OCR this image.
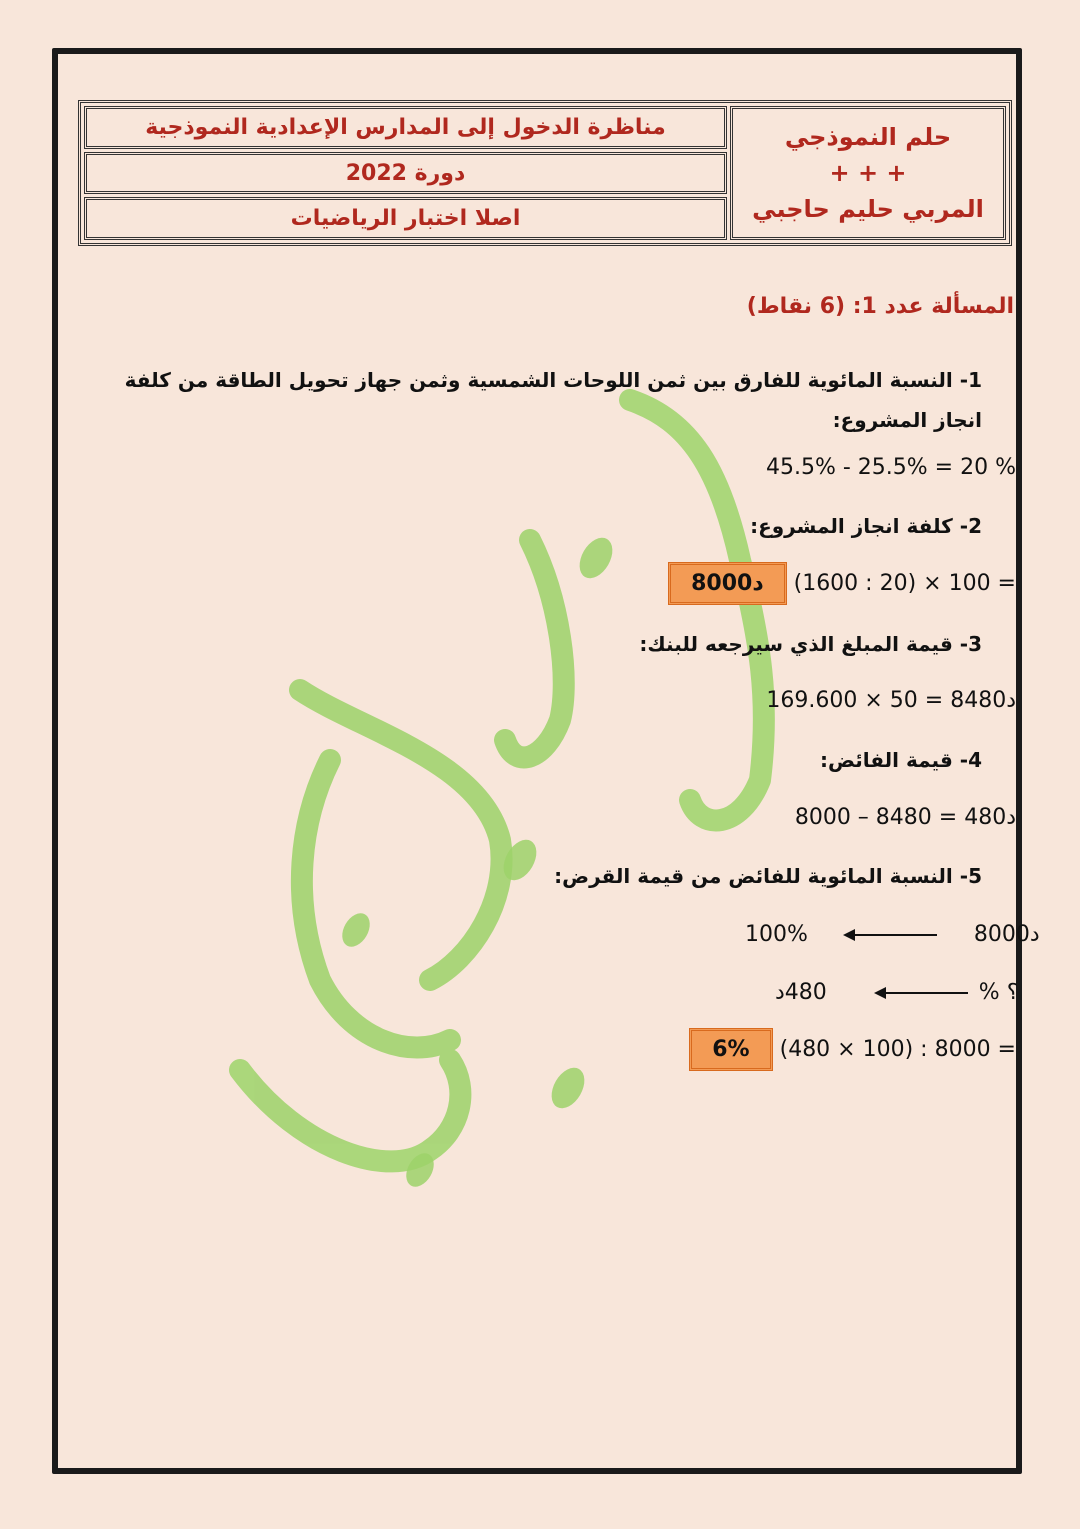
حلم النموذجي
+ + +
المربي حليم حاجبي
مناظرة الدخول إلى المدارس الإعدادية النموذجية
دورة 2022
اصلا اختبار الرياضيات
المسألة عدد 1: (6 نقاط)
1- النسبة المائوية للفارق بين ثمن اللوحات الشمسية وثمن جهاز تحويل الطاقة من كلفة انجاز المشروع:
45.5% - 25.5% = 20 %
2- كلفة انجاز المشروع:
8000د (1600 : 20) × 100 =
3- قيمة المبلغ الذي سيرجعه للبنك:
169.600 × 50 = 8480د
4- قيمة الفائض:
8000 – 8480 = 480د
5- النسبة المائوية للفائض من قيمة القرض:
100%	8000د
؟ %  480د
6% (480 × 100) : 8000 =
